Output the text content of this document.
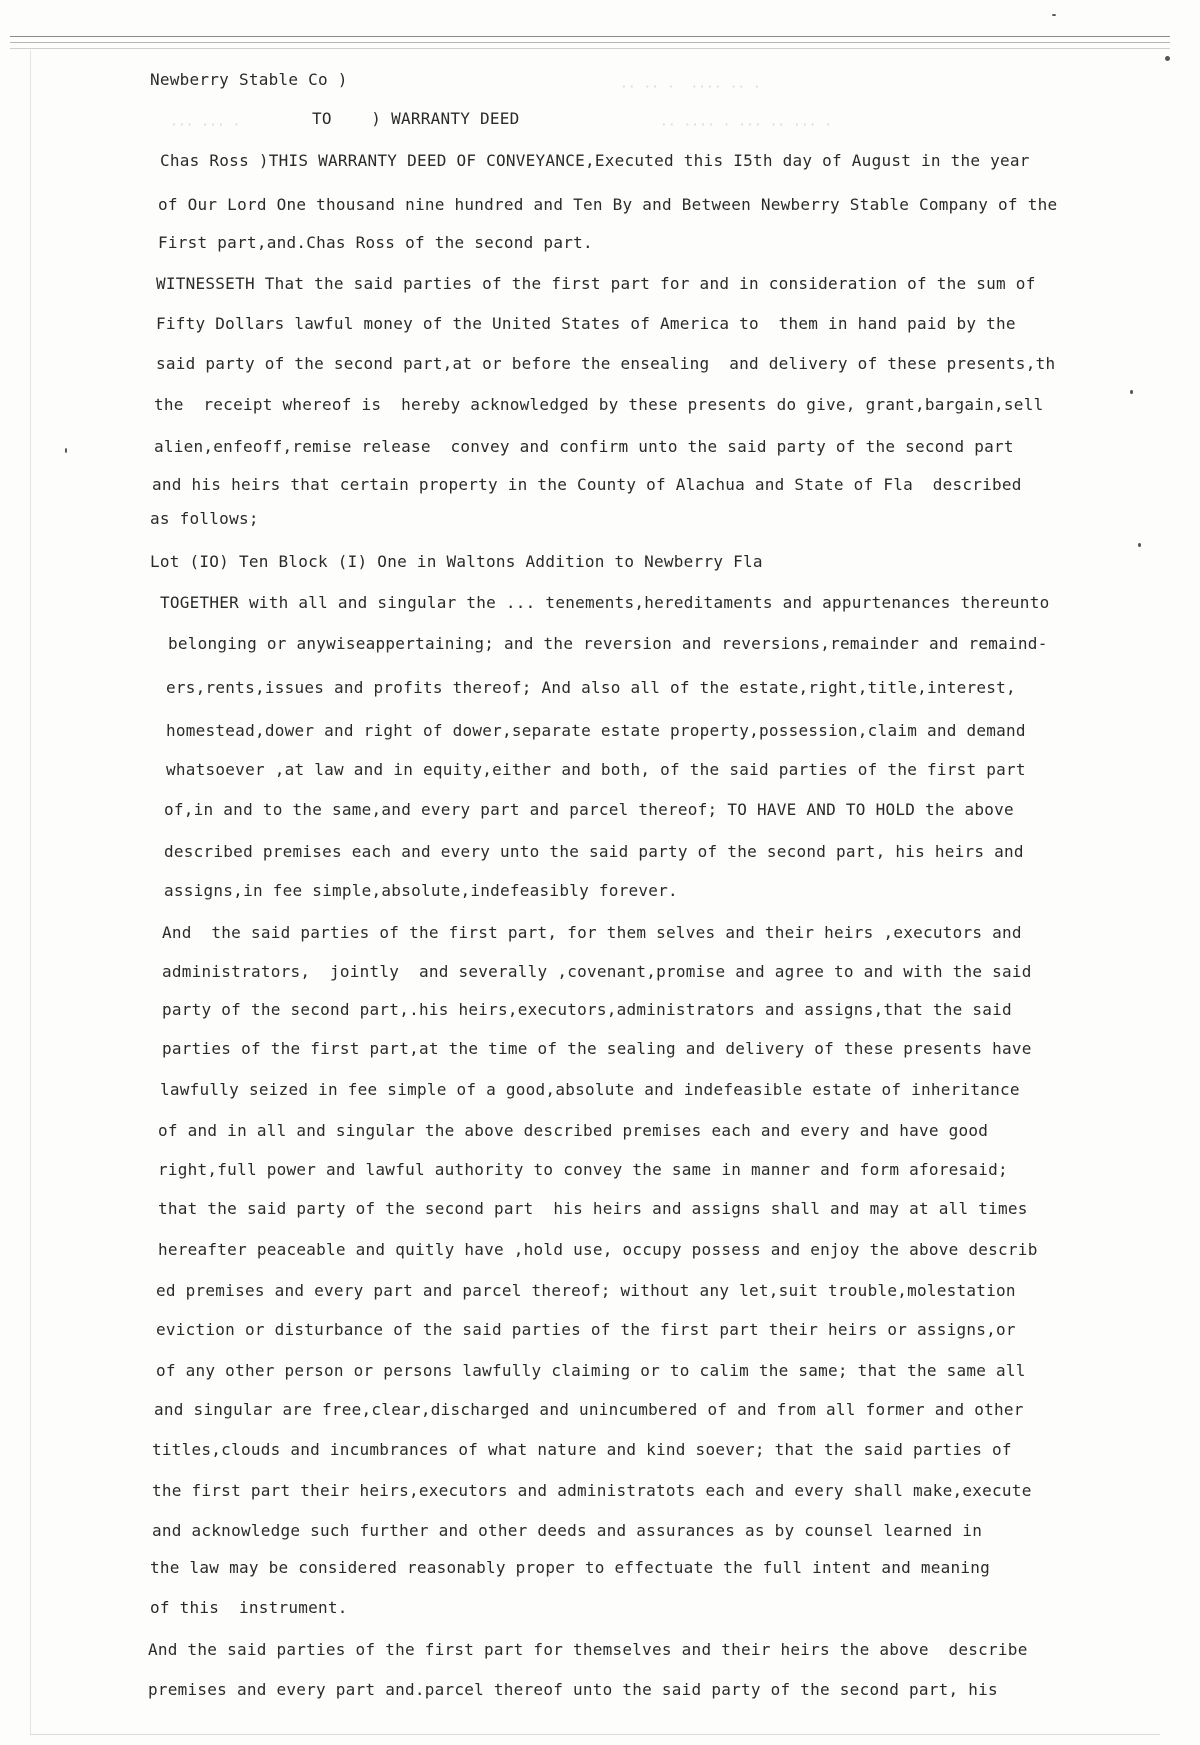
·· ·· ·  ···· ·· ·
··· ··· ·	·· ···· · ··· ·· ··· ·
Newberry Stable Co )
TO    ) WARRANTY DEED
Chas Ross )THIS WARRANTY DEED OF CONVEYANCE,Executed this I5th day of August in the year
of Our Lord One thousand nine hundred and Ten By and Between Newberry Stable Company of the
First part,and.Chas Ross of the second part.
WITNESSETH That the said parties of the first part for and in consideration of the sum of
Fifty Dollars lawful money of the United States of America to  them in hand paid by the
said party of the second part,at or before the ensealing  and delivery of these presents,th
the  receipt whereof is  hereby acknowledged by these presents do give, grant,bargain,sell
alien,enfeoff,remise release  convey and confirm unto the said party of the second part
and his heirs that certain property in the County of Alachua and State of Fla  described
as follows;
Lot (IO) Ten Block (I) One in Waltons Addition to Newberry Fla
TOGETHER with all and singular the ... tenements,hereditaments and appurtenances thereunto
belonging or anywiseappertaining; and the reversion and reversions,remainder and remaind-
ers,rents,issues and profits thereof; And also all of the estate,right,title,interest,
homestead,dower and right of dower,separate estate property,possession,claim and demand
whatsoever ,at law and in equity,either and both, of the said parties of the first part
of,in and to the same,and every part and parcel thereof; TO HAVE AND TO HOLD the above
described premises each and every unto the said party of the second part, his heirs and
assigns,in fee simple,absolute,indefeasibly forever.
And  the said parties of the first part, for them selves and their heirs ,executors and
administrators,  jointly  and severally ,covenant,promise and agree to and with the said
party of the second part,.his heirs,executors,administrators and assigns,that the said
parties of the first part,at the time of the sealing and delivery of these presents have
lawfully seized in fee simple of a good,absolute and indefeasible estate of inheritance
of and in all and singular the above described premises each and every and have good
right,full power and lawful authority to convey the same in manner and form aforesaid;
that the said party of the second part  his heirs and assigns shall and may at all times
hereafter peaceable and quitly have ,hold use, occupy possess and enjoy the above describ
ed premises and every part and parcel thereof; without any let,suit trouble,molestation
eviction or disturbance of the said parties of the first part their heirs or assigns,or
of any other person or persons lawfully claiming or to calim the same; that the same all
and singular are free,clear,discharged and unincumbered of and from all former and other
titles,clouds and incumbrances of what nature and kind soever; that the said parties of
the first part their heirs,executors and administratots each and every shall make,execute
and acknowledge such further and other deeds and assurances as by counsel learned in
the law may be considered reasonably proper to effectuate the full intent and meaning
of this  instrument.
And the said parties of the first part for themselves and their heirs the above  describe
premises and every part and.parcel thereof unto the said party of the second part, his
